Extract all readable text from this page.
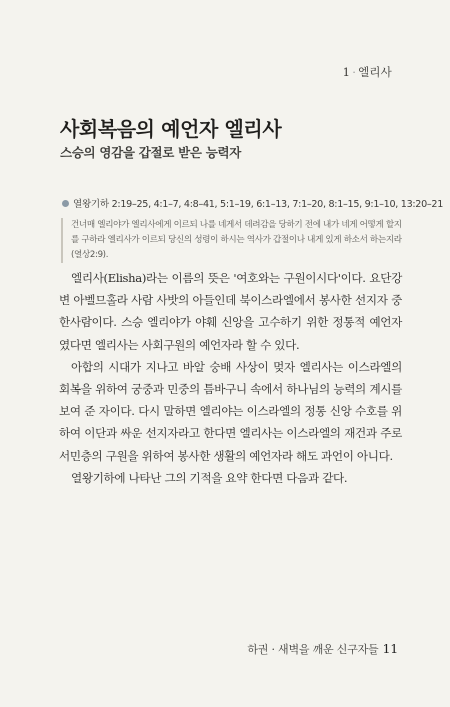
1 · 엘리사
사회복음의 예언자 엘리사
스승의 영감을 갑절로 받은 능력자
열왕기하 2:19–25, 4:1–7, 4:8–41, 5:1–19, 6:1–13, 7:1–20, 8:1–15, 9:1–10, 13:20–21
건너매 엘리야가 엘리사에게 이르되 나를 네게서 데려감을 당하기 전에 내가 네게 어떻게 할지를 구하라 엘리사가 이르되 당신의 성령이 하시는 역사가 갑절이나 내게 있게 하소서 하는지라(열상2:9).

엘리사(Elisha)라는 이름의 뜻은 '여호와는 구원이시다'이다. 요단강변 아벨므홀라 사람 사밧의 아들인데 북이스라엘에서 봉사한 선지자 중 한사람이다. 스승 엘리야가 야훼 신앙을 고수하기 위한 정통적 예언자였다면 엘리사는 사회구원의 예언자라 할 수 있다.

아합의 시대가 지나고 바알 숭배 사상이 멎자 엘리사는 이스라엘의 회복을 위하여 궁중과 민중의 틈바구니 속에서 하나님의 능력의 계시를 보여 준 자이다. 다시 말하면 엘리야는 이스라엘의 정통 신앙 수호를 위하여 이단과 싸운 선지자라고 한다면 엘리사는 이스라엘의 재건과 주로 서민층의 구원을 위하여 봉사한 생활의 예언자라 해도 과언이 아니다.

열왕기하에 나타난 그의 기적을 요약 한다면 다음과 같다.

하권 · 새벽을 깨운 신구자들 11
